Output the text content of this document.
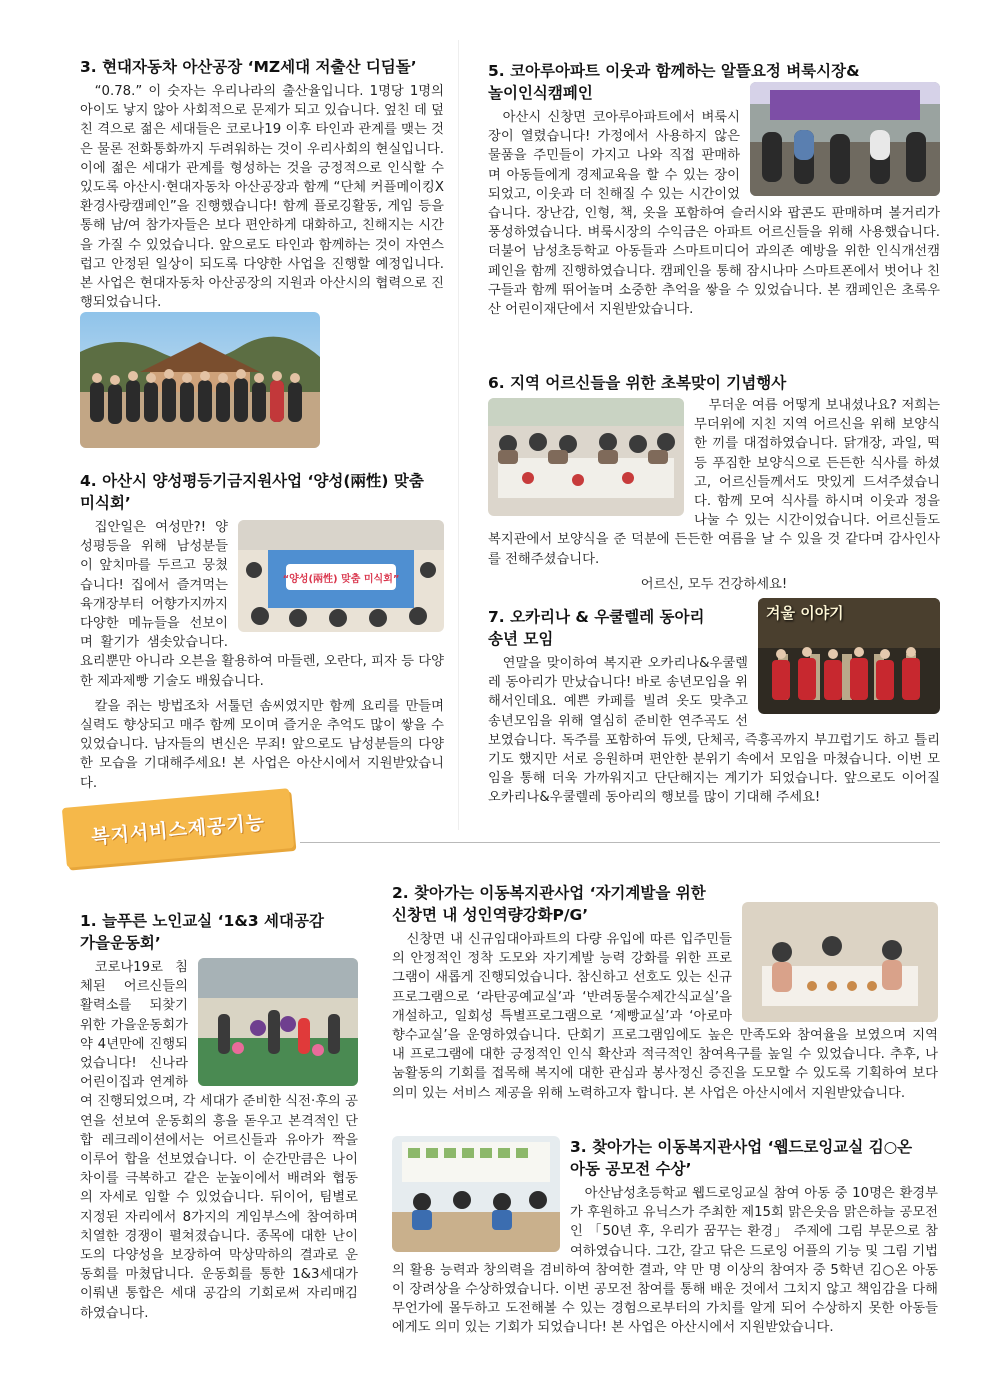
3. 현대자동차 아산공장 ‘MZ세대 저출산 디딤돌’

“0.78.” 이 숫자는 우리나라의 출산율입니다. 1명당 1명의 아이도 낳지 않아 사회적으로 문제가 되고 있습니다. 엎친 데 덮친 격으로 젊은 세대들은 코로나19 이후 타인과 관계를 맺는 것은 물론 전화통화까지 두려워하는 것이 우리사회의 현실입니다. 이에 젊은 세대가 관계를 형성하는 것을 긍정적으로 인식할 수 있도록 아산시·현대자동차 아산공장과 함께 “단체 커플메이킹X환경사랑캠페인”을 진행했습니다! 함께 플로깅활동, 게임 등을 통해 남/여 참가자들은 보다 편안하게 대화하고, 친해지는 시간을 가질 수 있었습니다. 앞으로도 타인과 함께하는 것이 자연스럽고 안정된 일상이 되도록 다양한 사업을 진행할 예정입니다. 본 사업은 현대자동차 아산공장의 지원과 아산시의 협력으로 진행되었습니다.

4. 아산시 양성평등기금지원사업 ‘양성(兩性) 맞춤
미식회’
“양성(兩性) 맞춤 미식회”

집안일은 여성만?! 양성평등을 위해 남성분들이 앞치마를 두르고 뭉쳤습니다! 집에서 즐겨먹는 육개장부터 어향가지까지 다양한 메뉴들을 선보이며 활기가 샘솟았습니다. 요리뿐만 아니라 오븐을 활용하여 마들렌, 오란다, 피자 등 다양한 제과제빵 기술도 배웠습니다.

칼을 쥐는 방법조차 서툴던 솜씨였지만 함께 요리를 만들며 실력도 향상되고 매주 함께 모이며 즐거운 추억도 많이 쌓을 수 있었습니다. 남자들의 변신은 무죄! 앞으로도 남성분들의 다양한 모습을 기대해주세요! 본 사업은 아산시에서 지원받았습니다.

복지서비스제공기능
5. 코아루아파트 이웃과 함께하는 알뜰요정 벼룩시장&
놀이인식캠페인

아산시 신창면 코아루아파트에서 벼룩시장이 열렸습니다! 가정에서 사용하지 않은 물품을 주민들이 가지고 나와 직접 판매하며 아동들에게 경제교육을 할 수 있는 장이 되었고, 이웃과 더 친해질 수 있는 시간이었습니다. 장난감, 인형, 책, 옷을 포함하여 슬러시와 팝콘도 판매하며 볼거리가 풍성하였습니다. 벼룩시장의 수익금은 아파트 어르신들을 위해 사용했습니다. 더불어 남성초등학교 아동들과 스마트미디어 과의존 예방을 위한 인식개선캠페인을 함께 진행하였습니다. 캠페인을 통해 잠시나마 스마트폰에서 벗어나 친구들과 함께 뛰어놀며 소중한 추억을 쌓을 수 있었습니다. 본 캠페인은 초록우산 어린이재단에서 지원받았습니다.

6. 지역 어르신들을 위한 초복맞이 기념행사

무더운 여름 어떻게 보내셨나요? 저희는 무더위에 지친 지역 어르신을 위해 보양식 한 끼를 대접하였습니다. 닭개장, 과일, 떡 등 푸짐한 보양식으로 든든한 식사를 하셨고, 어르신들께서도 맛있게 드셔주셨습니다. 함께 모여 식사를 하시며 이웃과 정을 나눌 수 있는 시간이었습니다. 어르신들도 복지관에서 보양식을 준 덕분에 든든한 여름을 날 수 있을 것 같다며 감사인사를 전해주셨습니다.

어르신, 모두 건강하세요!

7. 오카리나 & 우쿨렐레 동아리
송년 모임
겨울 이야기

연말을 맞이하여 복지관 오카리나&우쿨렐레 동아리가 만났습니다! 바로 송년모임을 위해서인데요. 예쁜 카페를 빌려 옷도 맞추고 송년모임을 위해 열심히 준비한 연주곡도 선보였습니다. 독주를 포함하여 듀엣, 단체곡, 즉흥곡까지 부끄럽기도 하고 틀리기도 했지만 서로 응원하며 편안한 분위기 속에서 모임을 마쳤습니다. 이번 모임을 통해 더욱 가까워지고 단단해지는 계기가 되었습니다. 앞으로도 이어질 오카리나&우쿨렐레 동아리의 행보를 많이 기대해 주세요!

1. 늘푸른 노인교실 ‘1&3 세대공감
가을운동회’

코로나19로 침체된 어르신들의 활력소를 되찾기 위한 가을운동회가 약 4년만에 진행되었습니다! 신나라어린이집과 연계하여 진행되었으며, 각 세대가 준비한 식전·후의 공연을 선보여 운동회의 흥을 돋우고 본격적인 단합 레크레이션에서는 어르신들과 유아가 짝을 이루어 합을 선보였습니다. 이 순간만큼은 나이 차이를 극복하고 같은 눈높이에서 배려와 협동의 자세로 임할 수 있었습니다. 뒤이어, 팀별로 지정된 자리에서 8가지의 게임부스에 참여하며 치열한 경쟁이 펼쳐졌습니다. 종목에 대한 난이도의 다양성을 보장하여 막상막하의 결과로 운동회를 마쳤답니다. 운동회를 통한 1&3세대가 이뤄낸 통합은 세대 공감의 기회로써 자리매김하였습니다.

2. 찾아가는 이동복지관사업 ‘자기계발을 위한
신창면 내 성인역량강화P/G’

신창면 내 신규임대아파트의 다량 유입에 따른 입주민들의 안정적인 정착 도모와 자기계발 능력 강화를 위한 프로그램이 새롭게 진행되었습니다. 참신하고 선호도 있는 신규프로그램으로 ‘라탄공예교실’과 ‘반려동물수제간식교실’을 개설하고, 일회성 특별프로그램으로 ‘제빵교실’과 ‘아로마향수교실’을 운영하였습니다. 단회기 프로그램임에도 높은 만족도와 참여율을 보였으며 지역 내 프로그램에 대한 긍정적인 인식 확산과 적극적인 참여욕구를 높일 수 있었습니다. 추후, 나눔활동의 기회를 접목해 복지에 대한 관심과 봉사정신 증진을 도모할 수 있도록 기획하여 보다 의미 있는 서비스 제공을 위해 노력하고자 합니다. 본 사업은 아산시에서 지원받았습니다.

3. 찾아가는 이동복지관사업 ‘웹드로잉교실 김○온
아동 공모전 수상’

아산남성초등학교 웹드로잉교실 참여 아동 중 10명은 환경부가 후원하고 유닉스가 주최한 제15회 맑은웃음 맑은하늘 공모전인 「50년 후, 우리가 꿈꾸는 환경」 주제에 그림 부문으로 참여하였습니다. 그간, 갈고 닦은 드로잉 어플의 기능 및 그림 기법의 활용 능력과 창의력을 겸비하여 참여한 결과, 약 만 명 이상의 참여자 중 5학년 김○온 아동이 장려상을 수상하였습니다. 이번 공모전 참여를 통해 배운 것에서 그치지 않고 책임감을 다해 무언가에 몰두하고 도전해볼 수 있는 경험으로부터의 가치를 알게 되어 수상하지 못한 아동들에게도 의미 있는 기회가 되었습니다! 본 사업은 아산시에서 지원받았습니다.
